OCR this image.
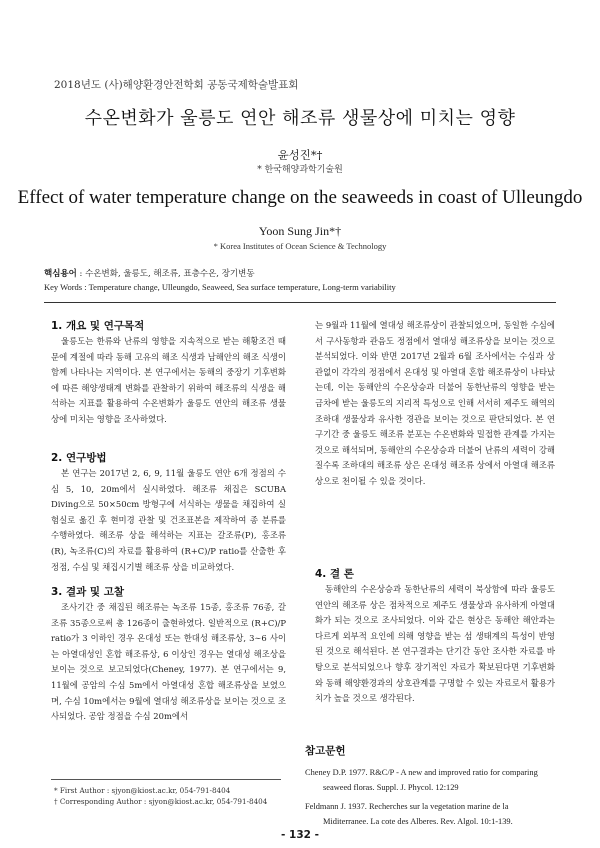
2018년도 (사)해양환경안전학회 공동국제학술발표회
수온변화가 울릉도 연안 해조류 생물상에 미치는 영향
윤성진*†
* 한국해양과학기술원
Effect of water temperature change on the seaweeds in coast of Ulleungdo
Yoon Sung Jin*†
* Korea Institutes of Ocean Science & Technology
핵심용어 : 수온변화, 울릉도, 해조류, 표층수온, 장기변동
Key Words : Temperature change, Ulleungdo, Seaweed, Sea surface temperature, Long-term variability
1. 개요 및 연구목적

울릉도는 한류와 난류의 영향을 지속적으로 받는 해황조건 때문에 계절에 따라 동해 고유의 해조 식생과 남해안의 해조 식생이 함께 나타나는 지역이다. 본 연구에서는 동해의 중장기 기후변화에 따른 해양생태계 변화를 관찰하기 위하여 해조류의 식생을 해석하는 지표를 활용하여 수온변화가 울릉도 연안의 해조류 생물상에 미치는 영향을 조사하였다.

2. 연구방법

본 연구는 2017년 2, 6, 9, 11월 울릉도 연안 6개 정점의 수심 5, 10, 20m에서 실시하였다. 해조류 채집은 SCUBA Diving으로 50×50cm 방형구에 서식하는 생물을 채집하여 실험실로 옮긴 후 현미경 관찰 및 건조표본을 제작하여 종 분류를 수행하였다. 해조류 상을 해석하는 지표는 갈조류(P), 홍조류(R), 녹조류(C)의 자료를 활용하여 (R+C)/P ratio를 산출한 후 정점, 수심 및 채집시기별 해조류 상을 비교하였다.

3. 결과 및 고찰

조사기간 중 채집된 해조류는 녹조류 15종, 홍조류 76종, 갈조류 35종으로써 총 126종이 출현하였다. 일반적으로 (R+C)/P ratio가 3 이하인 경우 온대성 또는 한대성 해조류상, 3∼6 사이는 아열대성인 혼합 해조류상, 6 이상인 경우는 열대성 해조상을 보이는 것으로 보고되었다(Cheney, 1977). 본 연구에서는 9, 11월에 공암의 수심 5m에서 아열대성 혼합 해조류상을 보였으며, 수심 10m에서는 9월에 열대성 해조류상을 보이는 것으로 조사되었다. 공암 정점을 수심 20m에서

* First Author : sjyon@kiost.ac.kr, 054-791-8404
† Corresponding Author : sjyon@kiost.ac.kr, 054-791-8404

는 9월과 11월에 열대성 해조류상이 관찰되었으며, 동일한 수심에서 구사동항과 관음도 정점에서 열대성 해조류상을 보이는 것으로 분석되었다. 이와 반면 2017년 2월과 6월 조사에서는 수심과 상관없이 각각의 정점에서 온대성 및 아열대 혼합 해조류상이 나타났는데, 이는 동해안의 수온상승과 더불어 동한난류의 영향을 받는 금차에 받는 울릉도의 지리적 특성으로 인해 서서히 제주도 해역의 조하대 생물상과 유사한 경관을 보이는 것으로 판단되었다. 본 연구기간 중 울릉도 해조류 분포는 수온변화와 밀접한 관계를 가지는 것으로 해석되며, 동해안의 수온상승과 더불어 난류의 세력이 강해질수록 조하대의 해조류 상은 온대성 해조류 상에서 아열대 해조류상으로 천이될 수 있을 것이다.

4. 결 론

동해안의 수온상승과 동한난류의 세력이 북상함에 따라 울릉도 연안의 해조류 상은 점차적으로 제주도 생물상과 유사하게 아열대화가 되는 것으로 조사되었다. 이와 같은 현상은 동해안 해안과는 다르게 외부적 요인에 의해 영향을 받는 섬 생태계의 특성이 반영된 것으로 해석된다. 본 연구결과는 단기간 동안 조사한 자료를 바탕으로 분석되었으나 향후 장기적인 자료가 확보된다면 기후변화와 동해 해양환경과의 상호관계를 구명할 수 있는 자료로서 활용가치가 높을 것으로 생각된다.

참고문헌
Cheney D.P. 1977. R&C/P - A new and improved ratio for comparing seaweed floras. Suppl. J. Phycol. 12:129
Feldmann J. 1937. Recherches sur la vegetation marine de la Miditerranee. La cote des Alberes. Rev. Algol. 10:1-139.
- 132 -
